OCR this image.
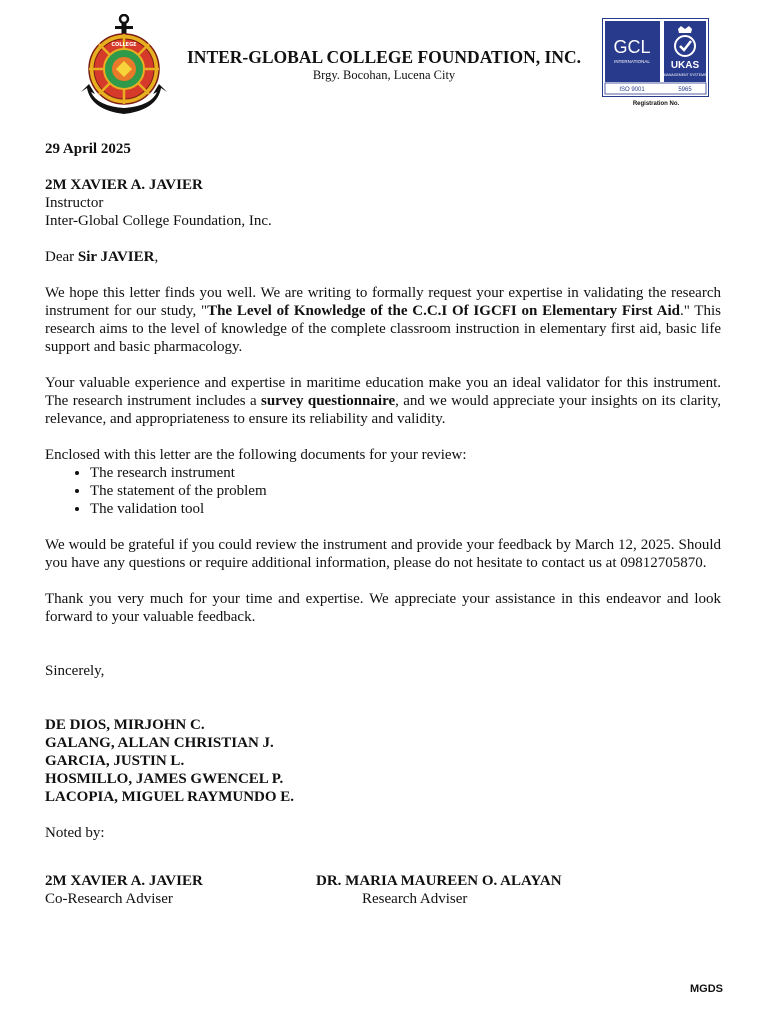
COLLEGE
INTER-GLOBAL COLLEGE FOUNDATION, INC.
Brgy. Bocohan, Lucena City
GCL
INTERNATIONAL UKAS
MANAGEMENT SYSTEMS
ISO 9001	5965
Registration No.

29 April 2025

2M XAVIER A. JAVIER

Instructor

Inter-Global College Foundation, Inc.

Dear Sir JAVIER,

We hope this letter finds you well. We are writing to formally request your expertise in validating the research instrument for our study, "The Level of Knowledge of the C.C.I Of IGCFI on Elementary First Aid." This research aims to the level of knowledge of the complete classroom instruction in elementary first aid, basic life support and basic pharmacology.

Your valuable experience and expertise in maritime education make you an ideal validator for this instrument. The research instrument includes a survey questionnaire, and we would appreciate your insights on its clarity, relevance, and appropriateness to ensure its reliability and validity.

Enclosed with this letter are the following documents for your review:

• The research instrument
• The statement of the problem
• The validation tool

We would be grateful if you could review the instrument and provide your feedback by March 12, 2025. Should you have any questions or require additional information, please do not hesitate to contact us at 09812705870.

Thank you very much for your time and expertise. We appreciate your assistance in this endeavor and look forward to your valuable feedback.

Sincerely,

DE DIOS, MIRJOHN C.

GALANG, ALLAN CHRISTIAN J.

GARCIA, JUSTIN L.

HOSMILLO, JAMES GWENCEL P.

LACOPIA, MIGUEL RAYMUNDO E.

Noted by:

2M XAVIER A. JAVIER

Co-Research Adviser

DR. MARIA MAUREEN O. ALAYAN

Research Adviser

MGDS
